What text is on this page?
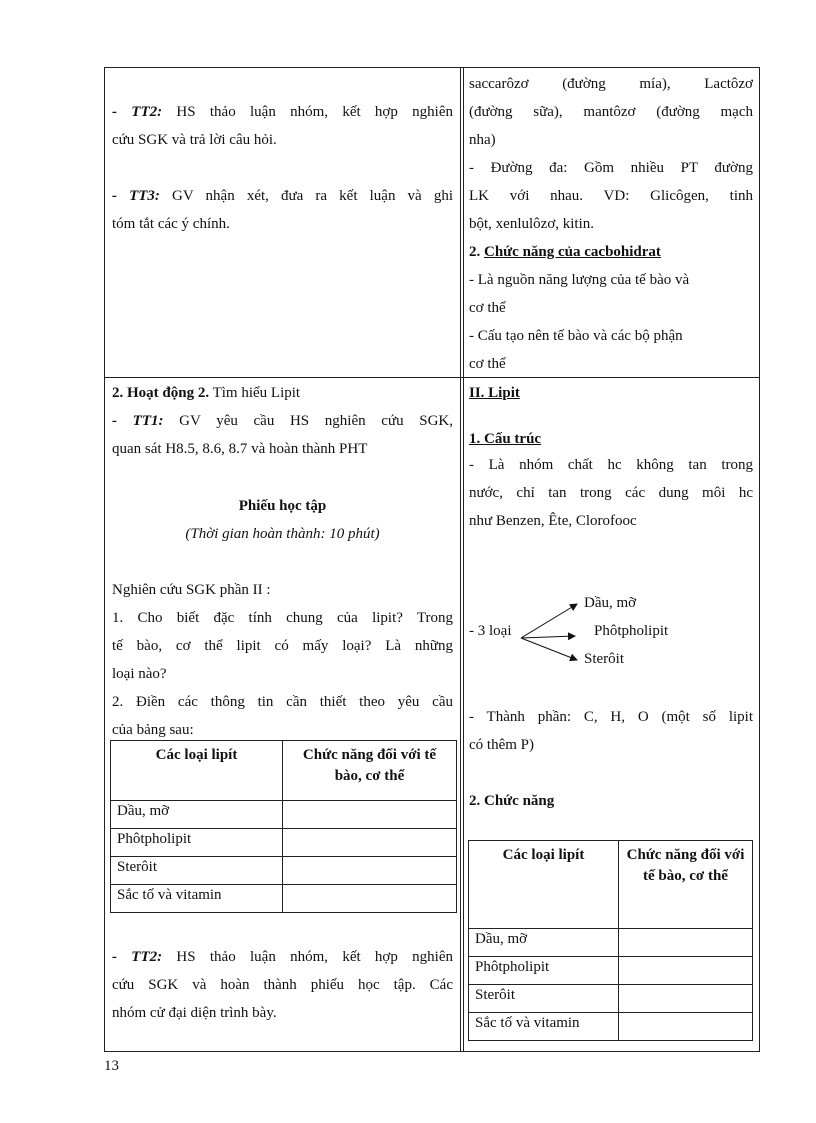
- TT2: HS thảo luận nhóm, kết hợp nghiên
cứu SGK và trả lời câu hỏi.
- TT3: GV nhận xét, đưa ra kết luận và ghi
tóm tắt các ý chính.
2. Hoạt động 2. Tìm hiểu Lipit
- TT1: GV yêu cầu HS nghiên cứu SGK,
quan sát H8.5, 8.6, 8.7 và hoàn thành PHT
Phiếu học tập
(Thời gian hoàn thành: 10 phút)
Nghiên cứu SGK phần II :
1. Cho biết đặc tính chung của lipit? Trong
tế bào, cơ thể lipit có mấy loại? Là những
loại nào?
2. Điền các thông tin cần thiết theo yêu cầu
của bảng sau:
Các loại lipít	Chức năng đối với tế bào, cơ thể
Dầu, mỡ	
Phôtpholipit	
Sterôit	
Sắc tố và vitamin	
- TT2: HS thảo luận nhóm, kết hợp nghiên
cứu SGK và hoàn thành phiếu học tập. Các
nhóm cử đại diện trình bày.
saccarôzơ (đường mía), Lactôzơ
(đường sữa), mantôzơ (đường mạch
nha)
- Đường đa: Gồm nhiều PT đường
LK với nhau. VD: Glicôgen, tinh
bột, xenlulôzơ, kitin.
2. Chức năng của cacbohidrat
- Là nguồn năng lượng của tế bào và
cơ thể
- Cấu tạo nên tế bào và các bộ phận
cơ thể
II. Lipit
1. Cấu trúc
- Là nhóm chất hc không tan trong
nước, chỉ tan trong các dung môi hc
như Benzen, Ête, Clorofooc
- 3 loại
Dầu, mỡ
Phôtpholipit
Sterôit
- Thành phần: C, H, O (một số lipit
có thêm P)
2. Chức năng
Các loại lipít	Chức năng đối với tế bào, cơ thể
Dầu, mỡ	
Phôtpholipit	
Sterôit	
Sắc tố và vitamin	
13
